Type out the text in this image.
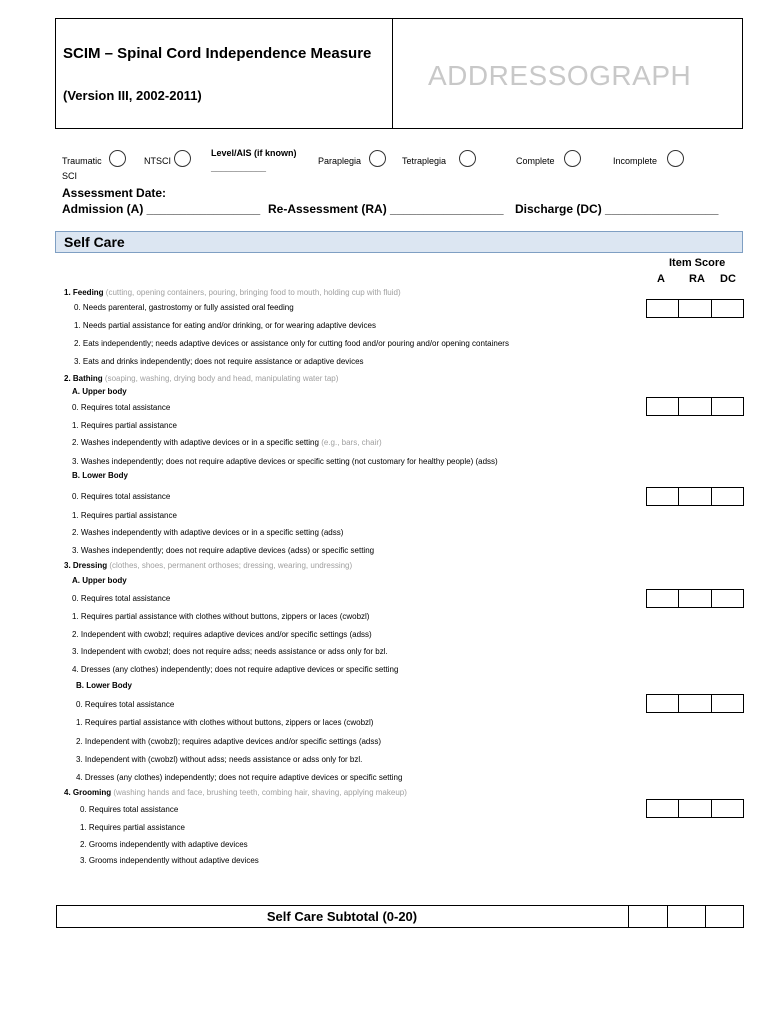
SCIM – Spinal Cord Independence Measure
(Version III, 2002-2011)
ADDRESSOGRAPH
Traumatic
SCI
NTSCI
Level/AIS (if known)
___________
Paraplegia	Tetraplegia	Complete	Incomplete
Assessment Date:
Admission (A) _________________ Re-Assessment (RA) _________________ Discharge (DC) _________________
Self Care
Item Score
A RA DC
1. Feeding (cutting, opening containers, pouring, bringing food to mouth, holding cup with fluid)
0. Needs parenteral, gastrostomy or fully assisted oral feeding
1. Needs partial assistance for eating and/or drinking, or for wearing adaptive devices
2. Eats independently; needs adaptive devices or assistance only for cutting food and/or pouring and/or opening containers
3. Eats and drinks independently; does not require assistance or adaptive devices
2. Bathing (soaping, washing, drying body and head, manipulating water tap)
A. Upper body
0. Requires total assistance
1. Requires partial assistance
2. Washes independently with adaptive devices or in a specific setting (e.g., bars, chair)
3. Washes independently; does not require adaptive devices or specific setting (not customary for healthy people) (adss)
B. Lower Body
0. Requires total assistance
1. Requires partial assistance
2. Washes independently with adaptive devices or in a specific setting (adss)
3. Washes independently; does not require adaptive devices (adss) or specific setting
3. Dressing (clothes, shoes, permanent orthoses; dressing, wearing, undressing)
A. Upper body
0. Requires total assistance
1. Requires partial assistance with clothes without buttons, zippers or laces (cwobzl)
2. Independent with cwobzl; requires adaptive devices and/or specific settings (adss)
3. Independent with cwobzl; does not require adss; needs assistance or adss only for bzl.
4. Dresses (any clothes) independently; does not require adaptive devices or specific setting
B. Lower Body
0. Requires total assistance
1. Requires partial assistance with clothes without buttons, zippers or laces (cwobzl)
2. Independent with (cwobzl); requires adaptive devices and/or specific settings (adss)
3. Independent with (cwobzl) without adss; needs assistance or adss only for bzl.
4. Dresses (any clothes) independently; does not require adaptive devices or specific setting
4. Grooming (washing hands and face, brushing teeth, combing hair, shaving, applying makeup)
0. Requires total assistance
1. Requires partial assistance
2. Grooms independently with adaptive devices
3. Grooms independently without adaptive devices
Self Care Subtotal (0-20)
